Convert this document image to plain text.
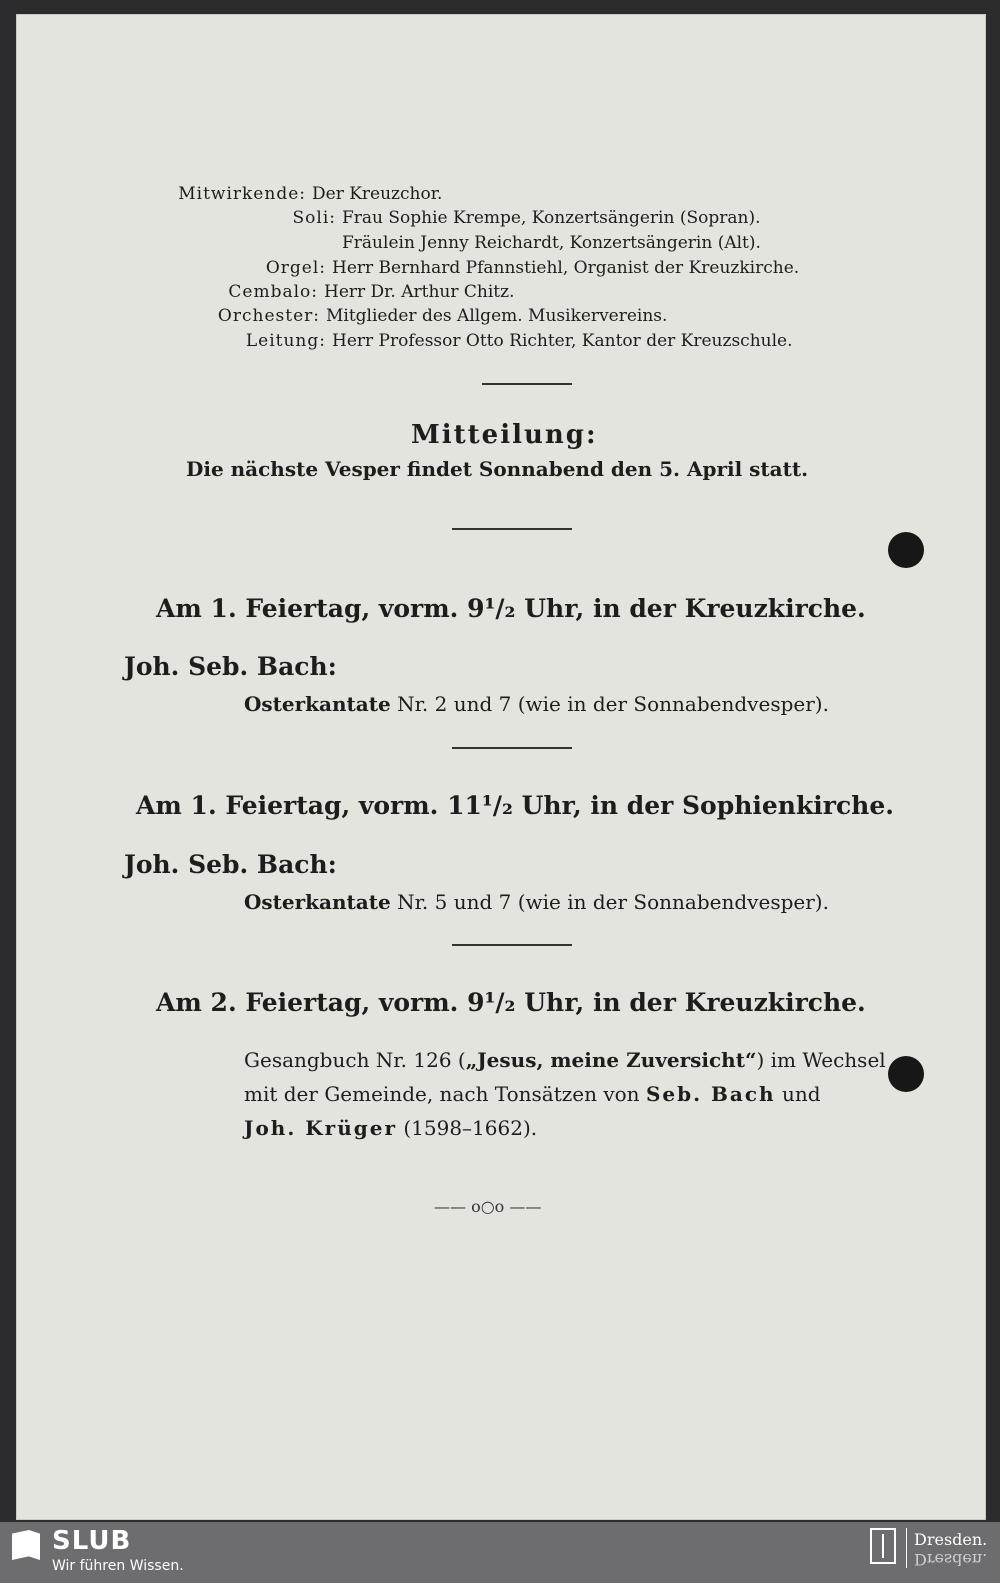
Mitwirkende: Der Kreuzchor.
Soli: Frau Sophie Krempe, Konzertsängerin (Sopran).
Fräulein Jenny Reichardt, Konzertsängerin (Alt).
Orgel: Herr Bernhard Pfannstiehl, Organist der Kreuzkirche.
Cembalo: Herr Dr. Arthur Chitz.
Orchester: Mitglieder des Allgem. Musikervereins.
Leitung: Herr Professor Otto Richter, Kantor der Kreuzschule.
Mitteilung:
Die nächste Vesper findet Sonnabend den 5. April statt.
Am 1. Feiertag, vorm. 9¹/₂ Uhr, in der Kreuzkirche.
Joh. Seb. Bach:
Osterkantate Nr. 2 und 7 (wie in der Sonnabendvesper).
Am 1. Feiertag, vorm. 11¹/₂ Uhr, in der Sophienkirche.
Joh. Seb. Bach:
Osterkantate Nr. 5 und 7 (wie in der Sonnabendvesper).
Am 2. Feiertag, vorm. 9¹/₂ Uhr, in der Kreuzkirche.
Gesangbuch Nr. 126 („Jesus, meine Zuversicht“) im Wechsel
mit der Gemeinde, nach Tonsätzen von Seb. Bach und
Joh. Krüger (1598–1662).
—— o○o ——
SLUB
Wir führen Wissen.
Dresden.
Dresden.
